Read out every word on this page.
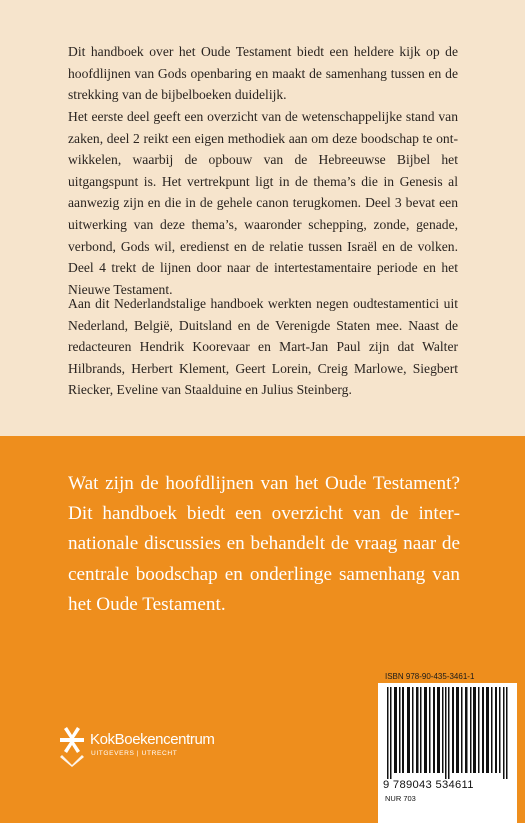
Dit handboek over het Oude Testament biedt een heldere kijk op de hoofdlijnen van Gods openbaring en maakt de samenhang tussen en de strekking van de bijbelboeken duidelijk.

Het eerste deel geeft een overzicht van de wetenschappelijke stand van zaken, deel 2 reikt een eigen methodiek aan om deze boodschap te ontwikkelen, waarbij de opbouw van de Hebreeuwse Bijbel het uitgangspunt is. Het vertrekpunt ligt in de thema’s die in Genesis al aanwezig zijn en die in de gehele canon terugkomen. Deel 3 bevat een uitwerking van deze thema’s, waaronder schepping, zonde, genade, verbond, Gods wil, eredienst en de relatie tussen Israël en de volken. Deel 4 trekt de lijnen door naar de intertestamentaire periode en het Nieuwe Testament.

Aan dit Nederlandstalige handboek werkten negen oudtestamentici uit Nederland, België, Duitsland en de Verenigde Staten mee. Naast de redacteuren Hendrik Koorevaar en Mart-Jan Paul zijn dat Walter Hilbrands, Herbert Klement, Geert Lorein, Creig Marlowe, Siegbert Riecker, Eveline van Staalduine en Julius Steinberg.

Wat zijn de hoofdlijnen van het Oude Testament? Dit handboek biedt een overzicht van de internationale discussies en behandelt de vraag naar de centrale boodschap en onderlinge samenhang van het Oude Testament.

KokBoekencentrum
UITGEVERS | UTRECHT
ISBN 978-90-435-3461-1
9 789043 534611
NUR 703
